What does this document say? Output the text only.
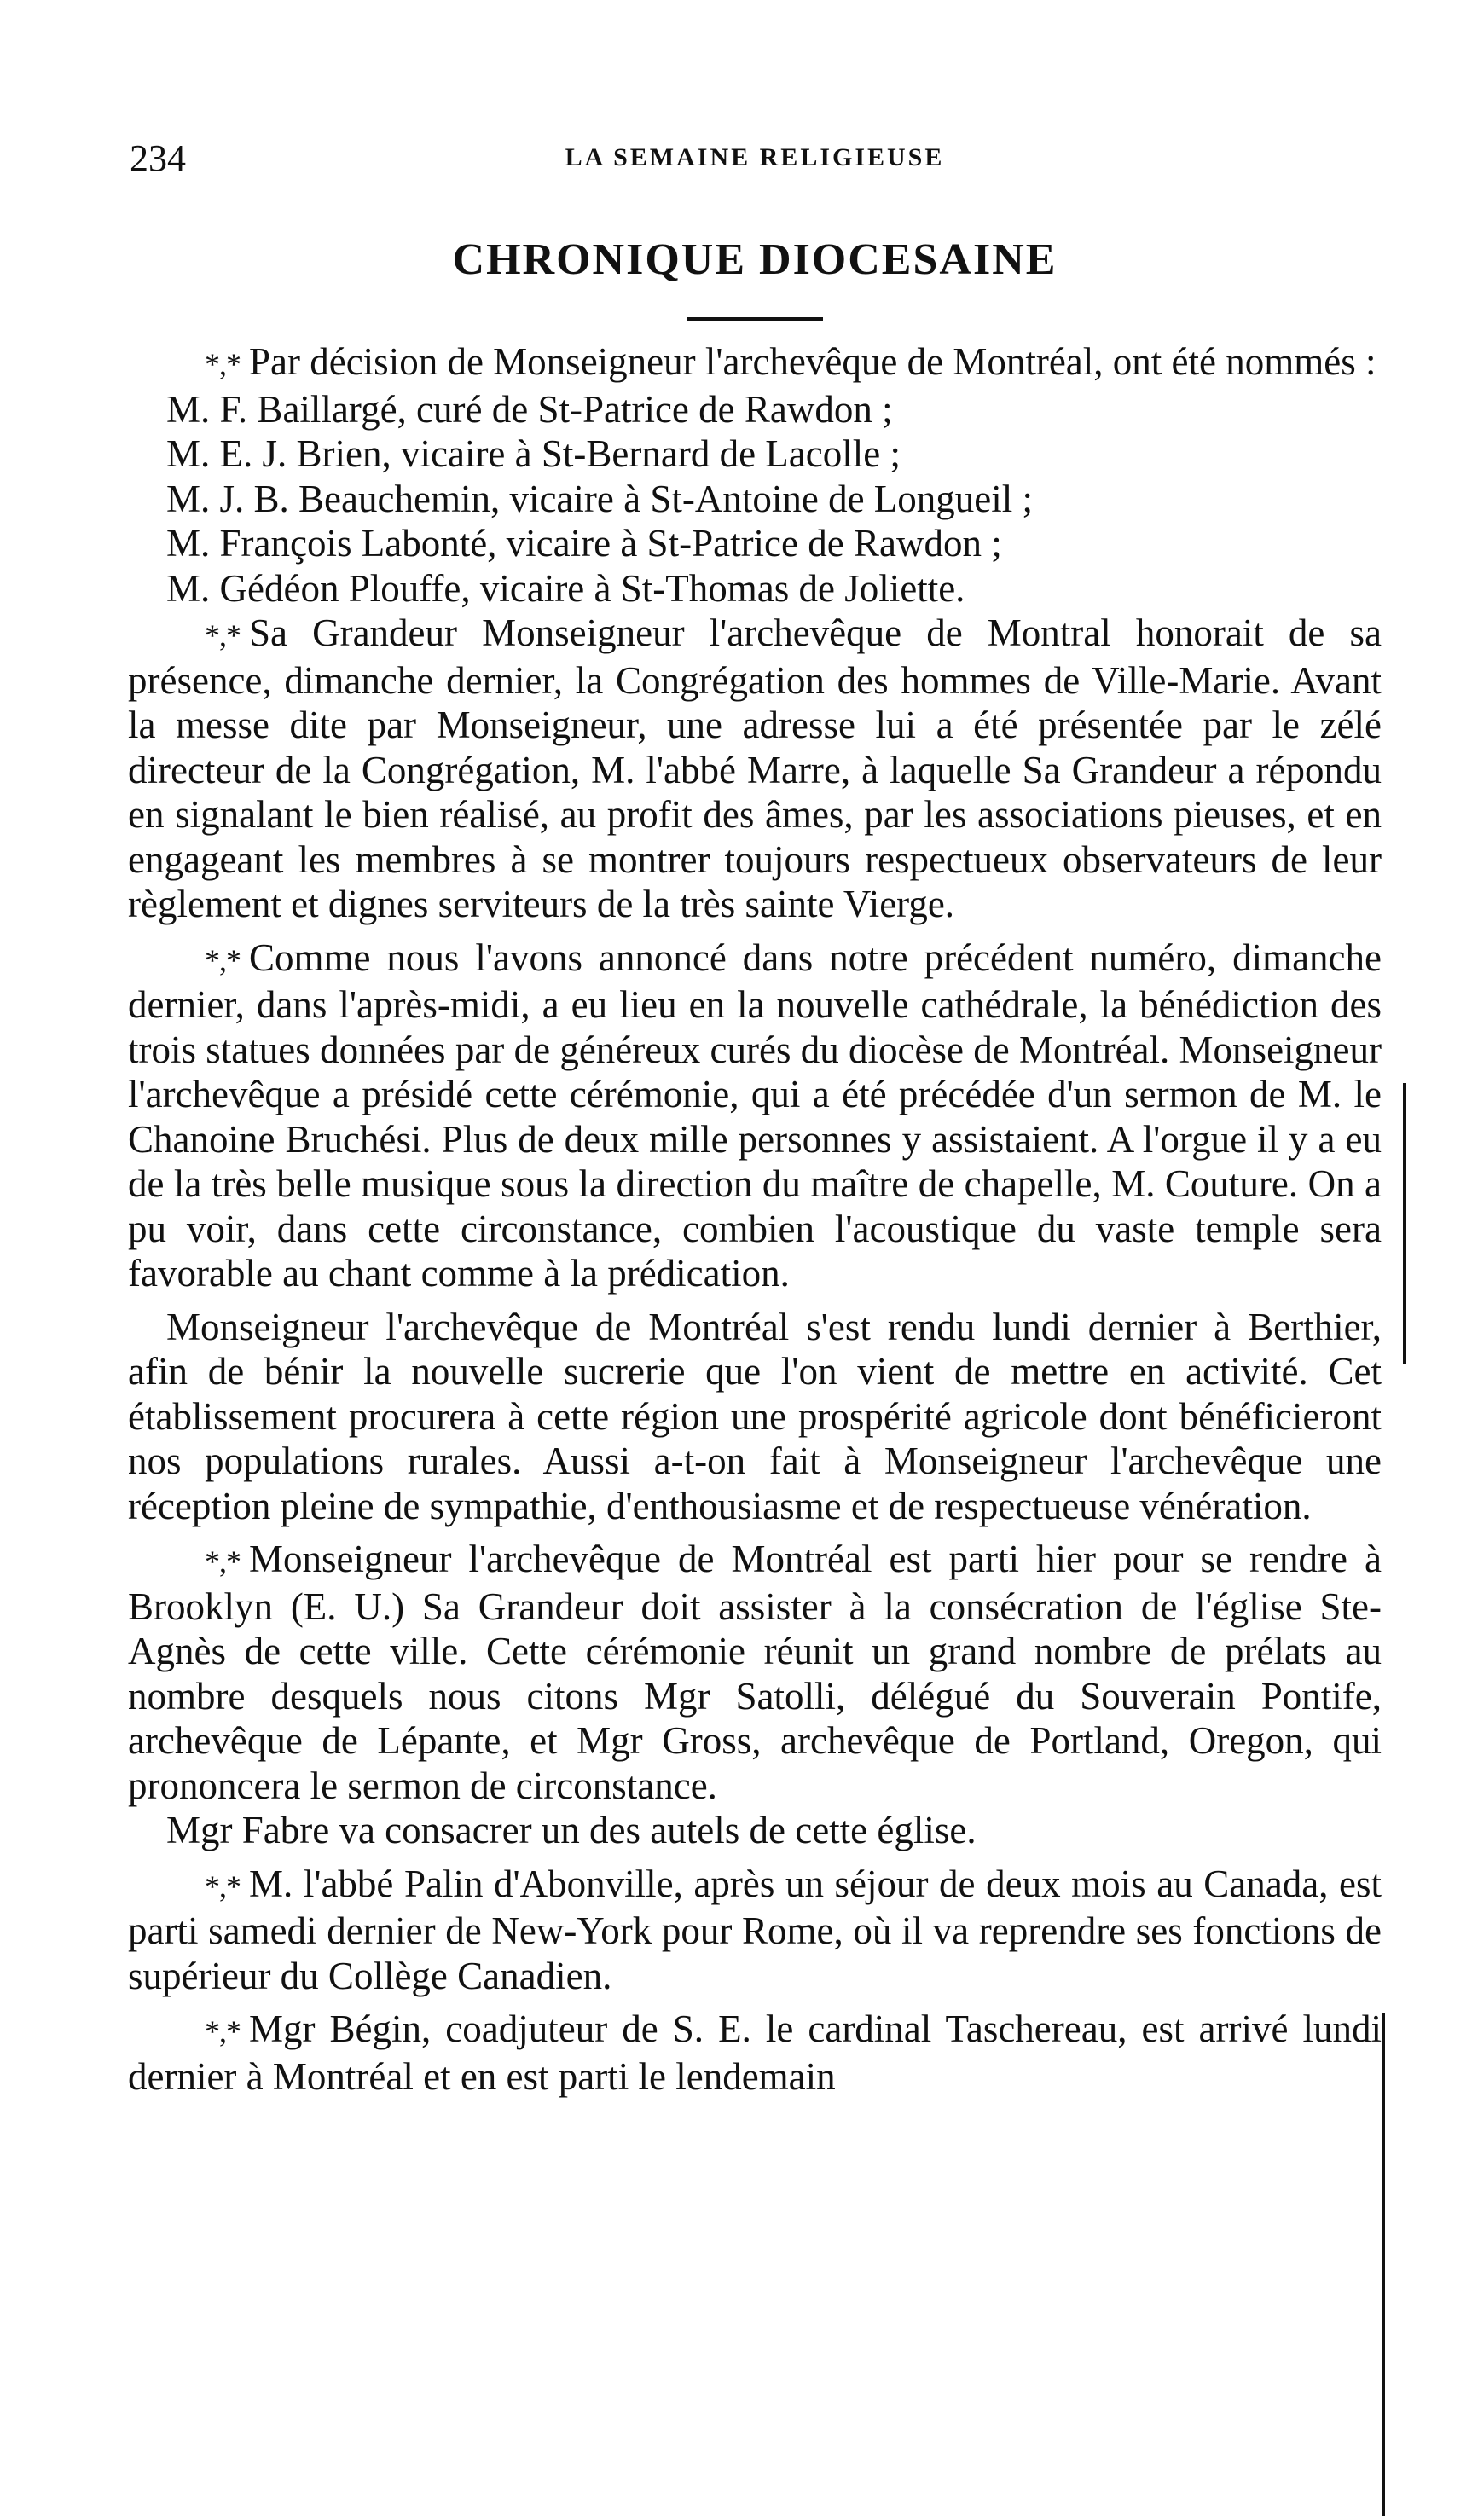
234	LA SEMAINE RELIGIEUSE
CHRONIQUE DIOCESAINE

*,* Par décision de Monseigneur l'archevêque de Montréal, ont été nommés :

M. F. Baillargé, curé de St-Patrice de Rawdon ;

M. E. J. Brien, vicaire à St-Bernard de Lacolle ;

M. J. B. Beauchemin, vicaire à St-Antoine de Longueil ;

M. François Labonté, vicaire à St-Patrice de Rawdon ;

M. Gédéon Plouffe, vicaire à St-Thomas de Joliette.

*,* Sa Grandeur Monseigneur l'archevêque de Montral honorait de sa présence, dimanche dernier, la Congrégation des hommes de Ville-Marie. Avant la messe dite par Monseigneur, une adresse lui a été présentée par le zélé directeur de la Congrégation, M. l'abbé Marre, à laquelle Sa Grandeur a répondu en signalant le bien réalisé, au profit des âmes, par les associations pieuses, et en engageant les membres à se montrer toujours respectueux observateurs de leur règlement et dignes serviteurs de la très sainte Vierge.

*,* Comme nous l'avons annoncé dans notre précédent numéro, dimanche dernier, dans l'après-midi, a eu lieu en la nouvelle cathédrale, la bénédiction des trois statues données par de généreux curés du diocèse de Montréal. Monseigneur l'archevêque a présidé cette cérémonie, qui a été précédée d'un sermon de M. le Chanoine Bruchési. Plus de deux mille personnes y assistaient. A l'orgue il y a eu de la très belle musique sous la direction du maître de chapelle, M. Couture. On a pu voir, dans cette circonstance, combien l'acoustique du vaste temple sera favorable au chant comme à la prédication.

Monseigneur l'archevêque de Montréal s'est rendu lundi dernier à Berthier, afin de bénir la nouvelle sucrerie que l'on vient de mettre en activité. Cet établissement procurera à cette région une prospérité agricole dont bénéficieront nos populations rurales. Aussi a-t-on fait à Monseigneur l'archevêque une réception pleine de sympathie, d'enthousiasme et de respectueuse vénération.

*,* Monseigneur l'archevêque de Montréal est parti hier pour se rendre à Brooklyn (E. U.) Sa Grandeur doit assister à la consécration de l'église Ste-Agnès de cette ville. Cette cérémonie réunit un grand nombre de prélats au nombre desquels nous citons Mgr Satolli, délégué du Souverain Pontife, archevêque de Lépante, et Mgr Gross, archevêque de Portland, Oregon, qui prononcera le sermon de circonstance.

Mgr Fabre va consacrer un des autels de cette église.

*,* M. l'abbé Palin d'Abonville, après un séjour de deux mois au Canada, est parti samedi dernier de New-York pour Rome, où il va reprendre ses fonctions de supérieur du Collège Canadien.

*,* Mgr Bégin, coadjuteur de S. E. le cardinal Taschereau, est arrivé lundi dernier à Montréal et en est parti le lendemain
